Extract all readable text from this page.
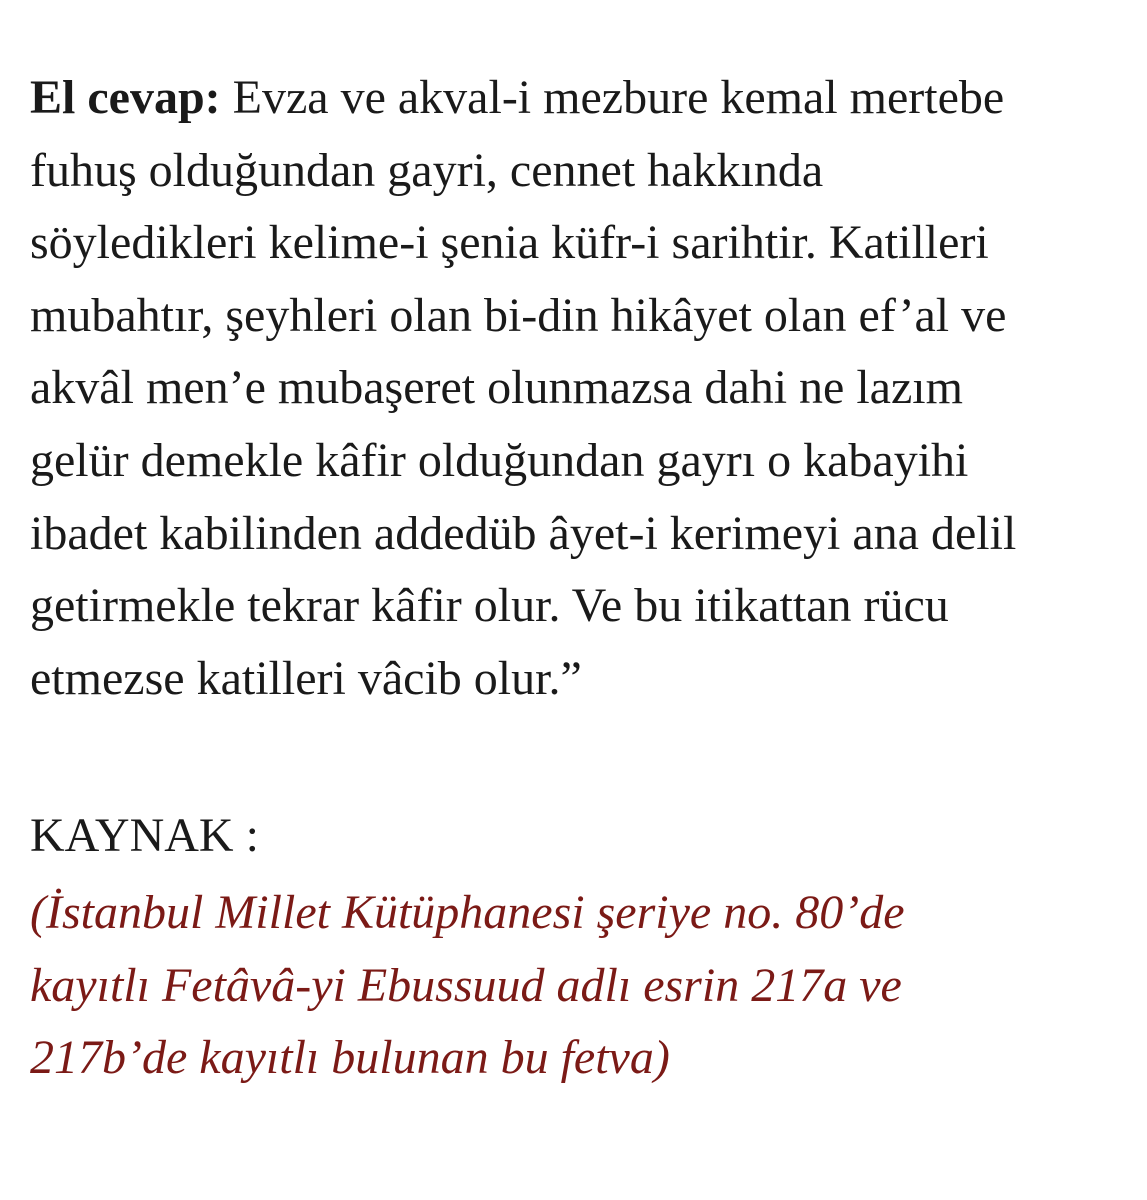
El cevap: Evza ve akval-i mezbure kemal mertebe

fuhuş olduğundan gayri, cennet hakkında

söyledikleri kelime-i şenia küfr-i sarihtir. Katilleri

mubahtır, şeyhleri olan bi-din hikâyet olan ef’al ve

akvâl men’e mubaşeret olunmazsa dahi ne lazım

gelür demekle kâfir olduğundan gayrı o kabayihi

ibadet kabilinden addedüb âyet-i kerimeyi ana delil

getirmekle tekrar kâfir olur. Ve bu itikattan rücu

etmezse katilleri vâcib olur.”

KAYNAK :

(İstanbul Millet Kütüphanesi şeriye no. 80’de
kayıtlı Fetâvâ-yi Ebussuud adlı esrin 217a ve
217b’de kayıtlı bulunan bu fetva)
